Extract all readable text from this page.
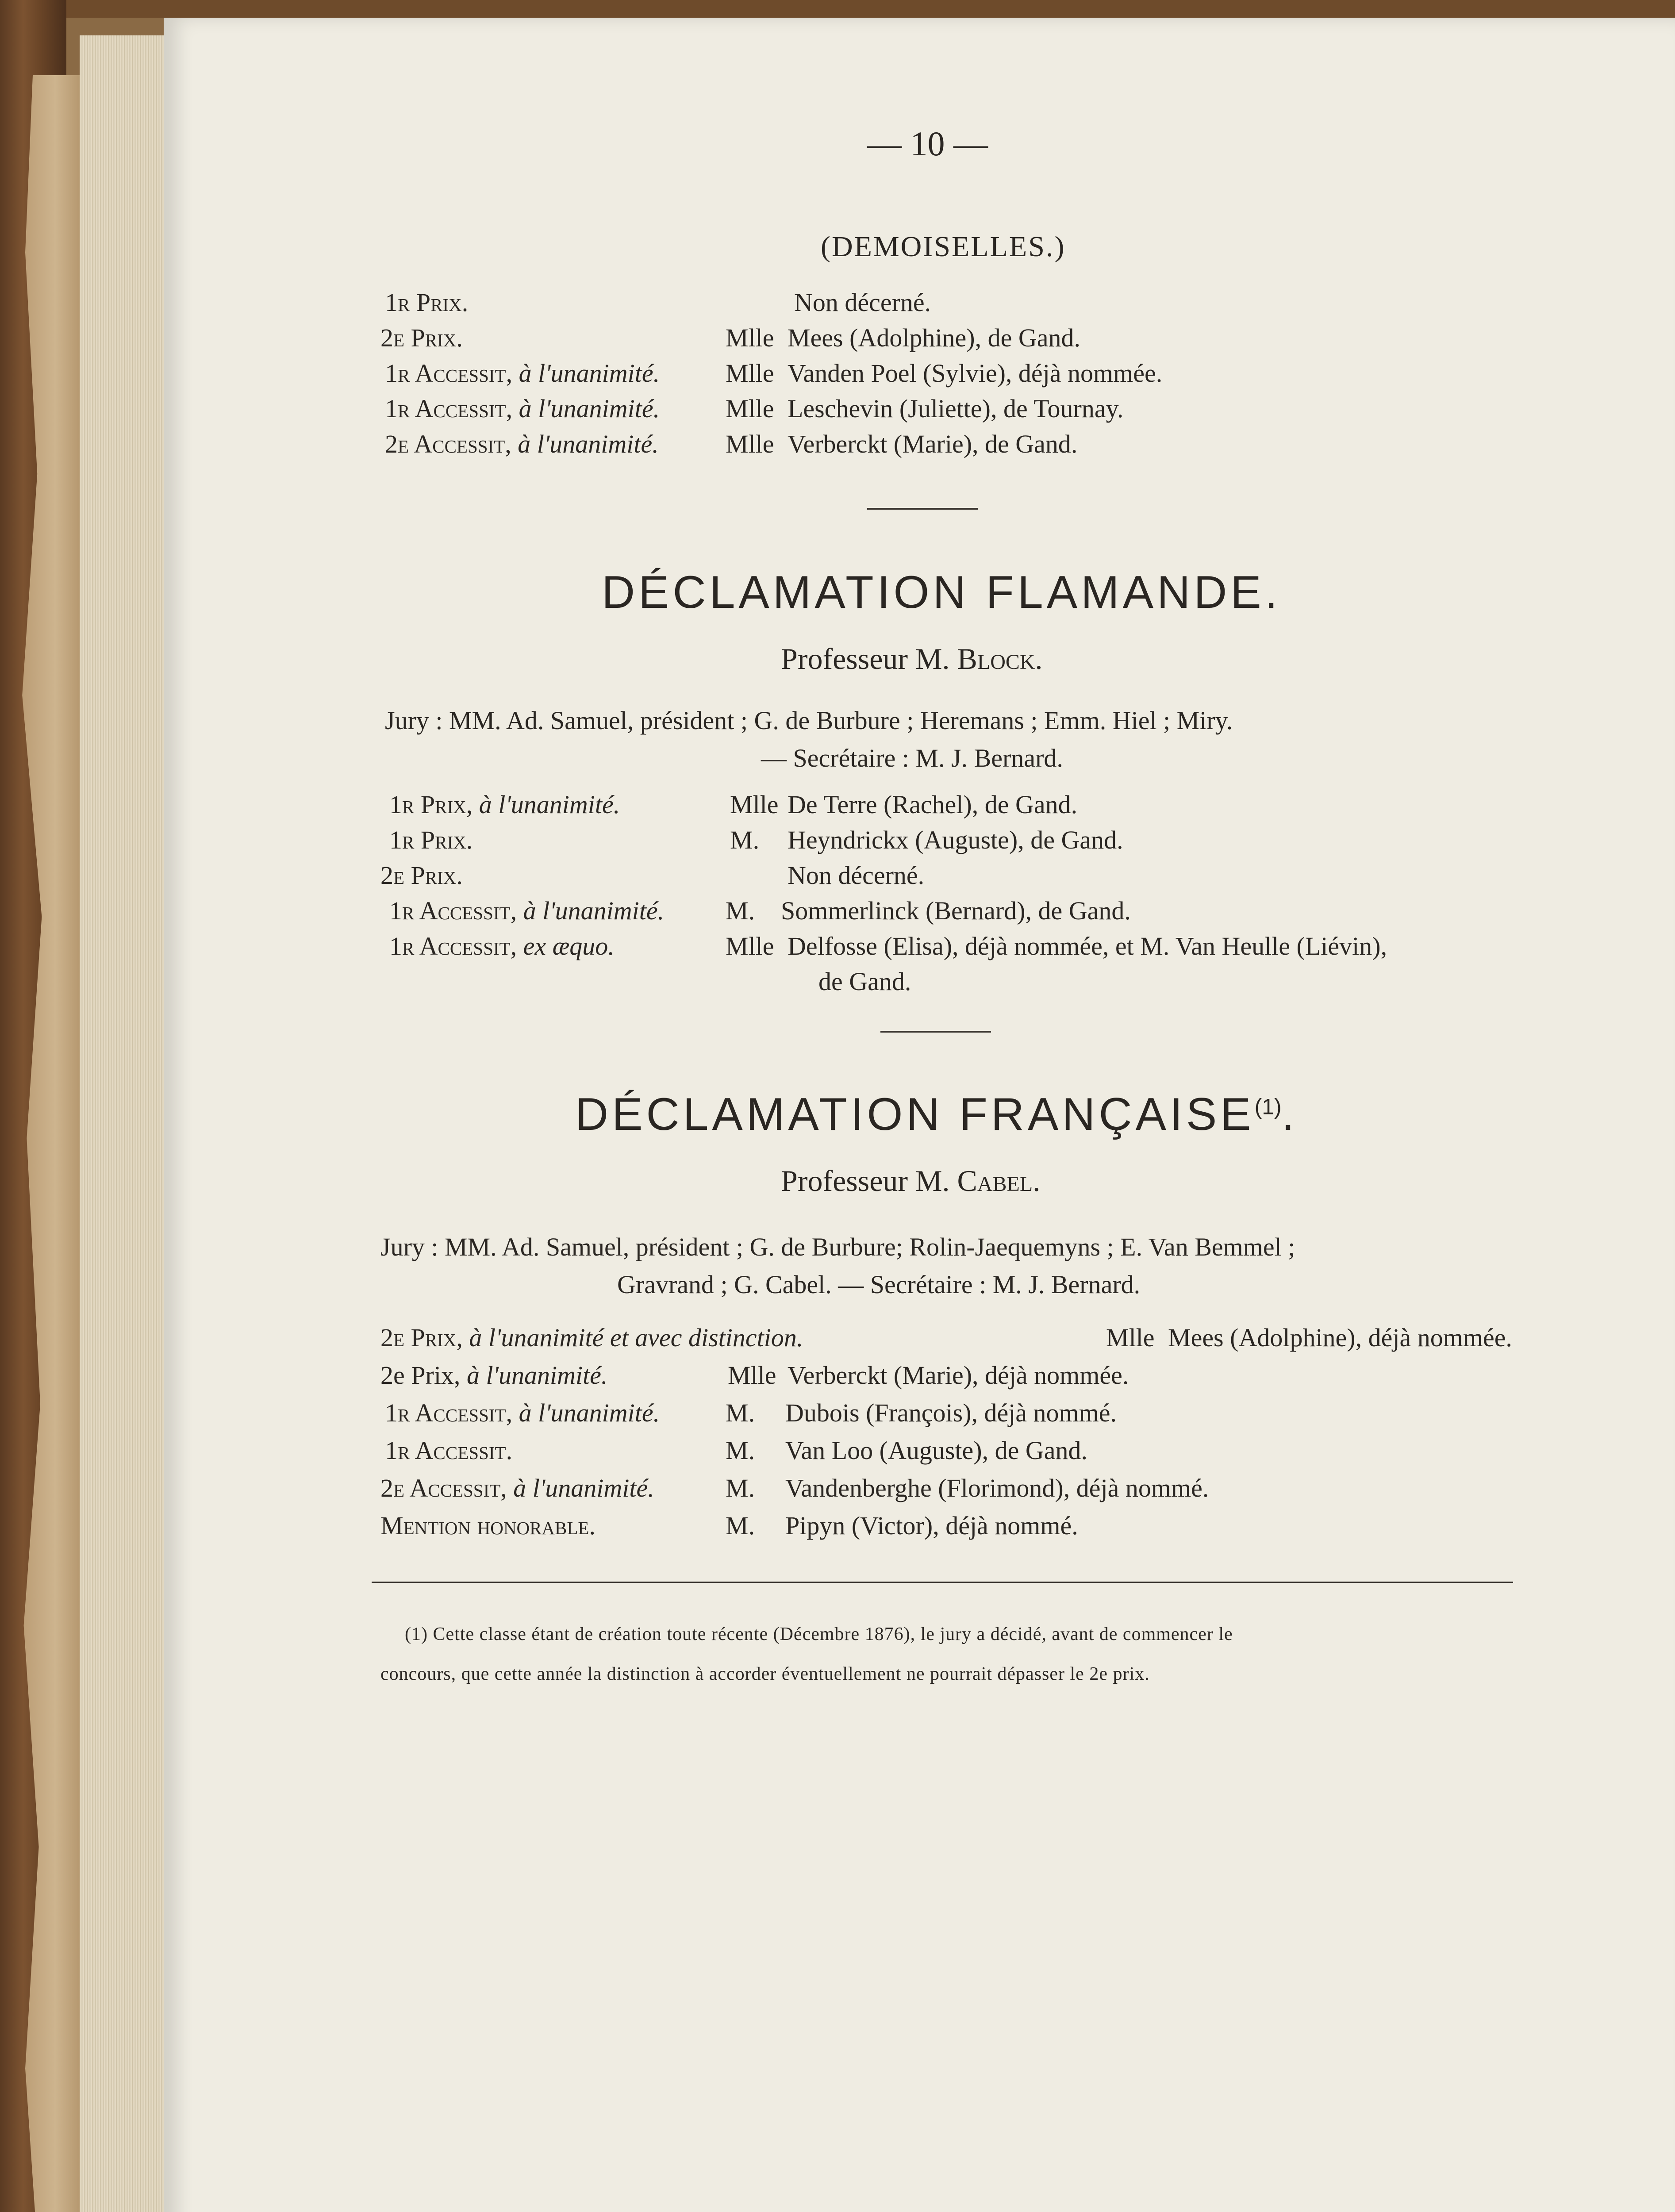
— 10 —
(DEMOISELLES.)
1r Prix.	Non décerné.
2e Prix.	Mlle Mees (Adolphine), de Gand.
1r Accessit, à l'unanimité.	Mlle Vanden Poel (Sylvie), déjà nommée.
1r Accessit, à l'unanimité.	Mlle Leschevin (Juliette), de Tournay.
2e Accessit, à l'unanimité.	Mlle Verberckt (Marie), de Gand.
DÉCLAMATION FLAMANDE.
Professeur M. Block.
Jury : MM. Ad. Samuel, président ; G. de Burbure ; Heremans ; Emm. Hiel ; Miry.
— Secrétaire : M. J. Bernard.
1r Prix, à l'unanimité.	Mlle De Terre (Rachel), de Gand.
1r Prix.	M. Heyndrickx (Auguste), de Gand.
2e Prix.	Non décerné.
1r Accessit, à l'unanimité. M. Sommerlinck (Bernard), de Gand.
1r Accessit, ex æquo.	Mlle Delfosse (Elisa), déjà nommée, et M. Van Heulle (Liévin),
de Gand.
DÉCLAMATION FRANÇAISE$^{(1)}$.
Professeur M. Cabel.
Jury : MM. Ad. Samuel, président ; G. de Burbure; Rolin-Jaequemyns ; E. Van Bemmel ;
Gravrand ; G. Cabel. — Secrétaire : M. J. Bernard.
2e Prix, à l'unanimité et avec distinction.	Mlle Mees (Adolphine), déjà nommée.
2e Prix, à l'unanimité.	Mlle Verberckt (Marie), déjà nommée.
1r Accessit, à l'unanimité.	M. Dubois (François), déjà nommé.
1r Accessit.	M. Van Loo (Auguste), de Gand.
2e Accessit, à l'unanimité.	M. Vandenberghe (Florimond), déjà nommé.
Mention honorable.	M. Pipyn (Victor), déjà nommé.
(1) Cette classe étant de création toute récente (Décembre 1876), le jury a décidé, avant de commencer le
concours, que cette année la distinction à accorder éventuellement ne pourrait dépasser le 2e prix.
